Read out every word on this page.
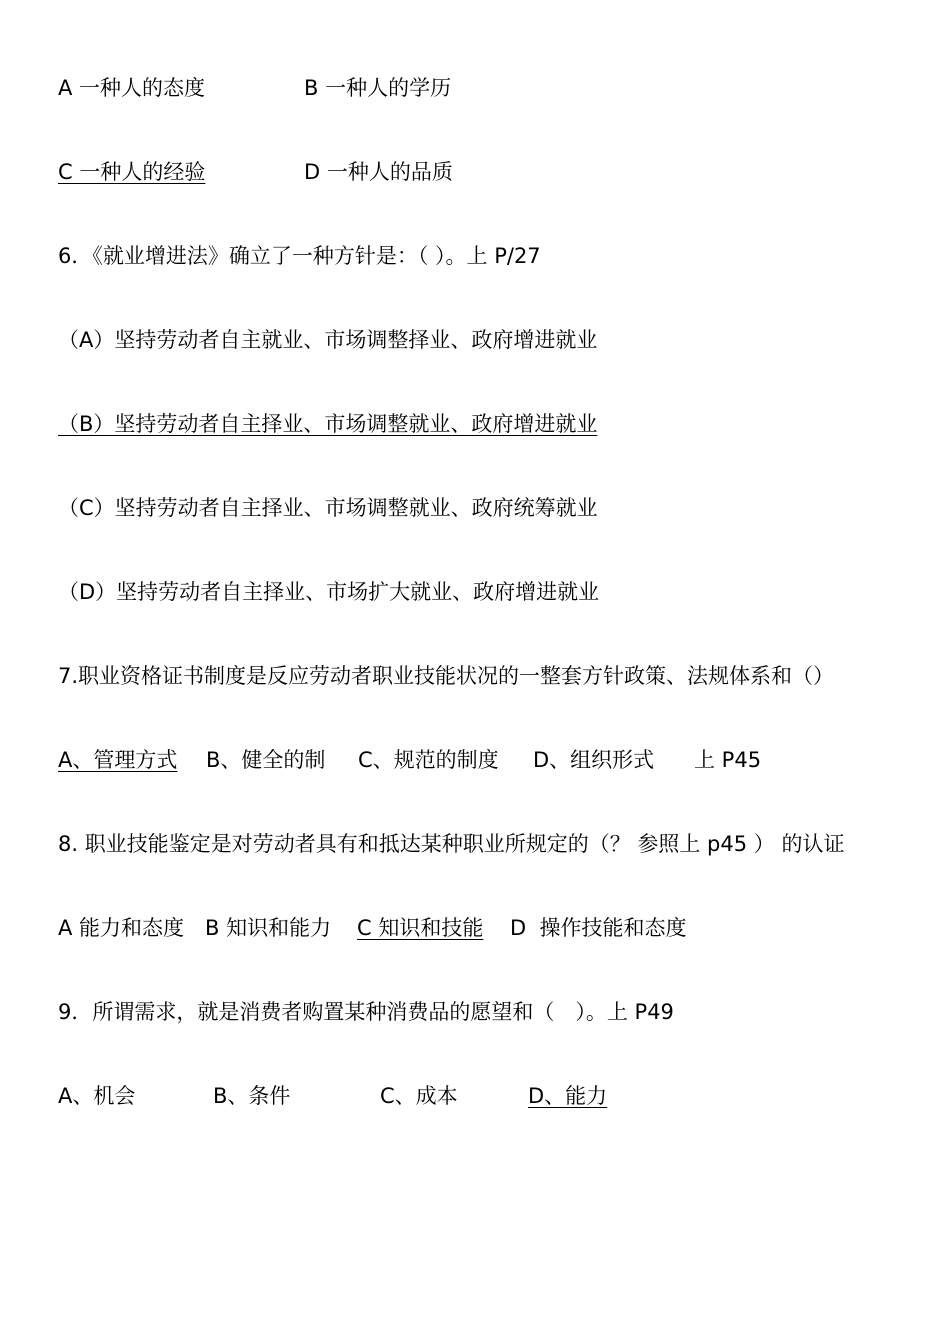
A 一种人的态度

	B 一种人的学历

C 一种人的经验

	D 一种人的品质

6．《就业增进法》确立了一种方针是：（ ）。上 P/27
（A）坚持劳动者自主就业、市场调整择业、政府增进就业
（B）坚持劳动者自主择业、市场调整就业、政府增进就业
（C）坚持劳动者自主择业、市场调整就业、政府统筹就业
（D）坚持劳动者自主择业、市场扩大就业、政府增进就业
7.职业资格证书制度是反应劳动者职业技能状况的一整套方针政策、法规体系和（）

A、管理方式

B、健全的制

C、规范的制度

D、组织形式

上 P45

8. 职业技能鉴定是对劳动者具有和抵达某种职业所规定的（？ 参照上 p45 ） 的认证

A 能力和态度

B 知识和能力

C 知识和技能

D  操作技能和态度

9．所谓需求，就是消费者购置某种消费品的愿望和（　）。上 P49

A、机会

	B、条件

	C、成本

	D、能力
